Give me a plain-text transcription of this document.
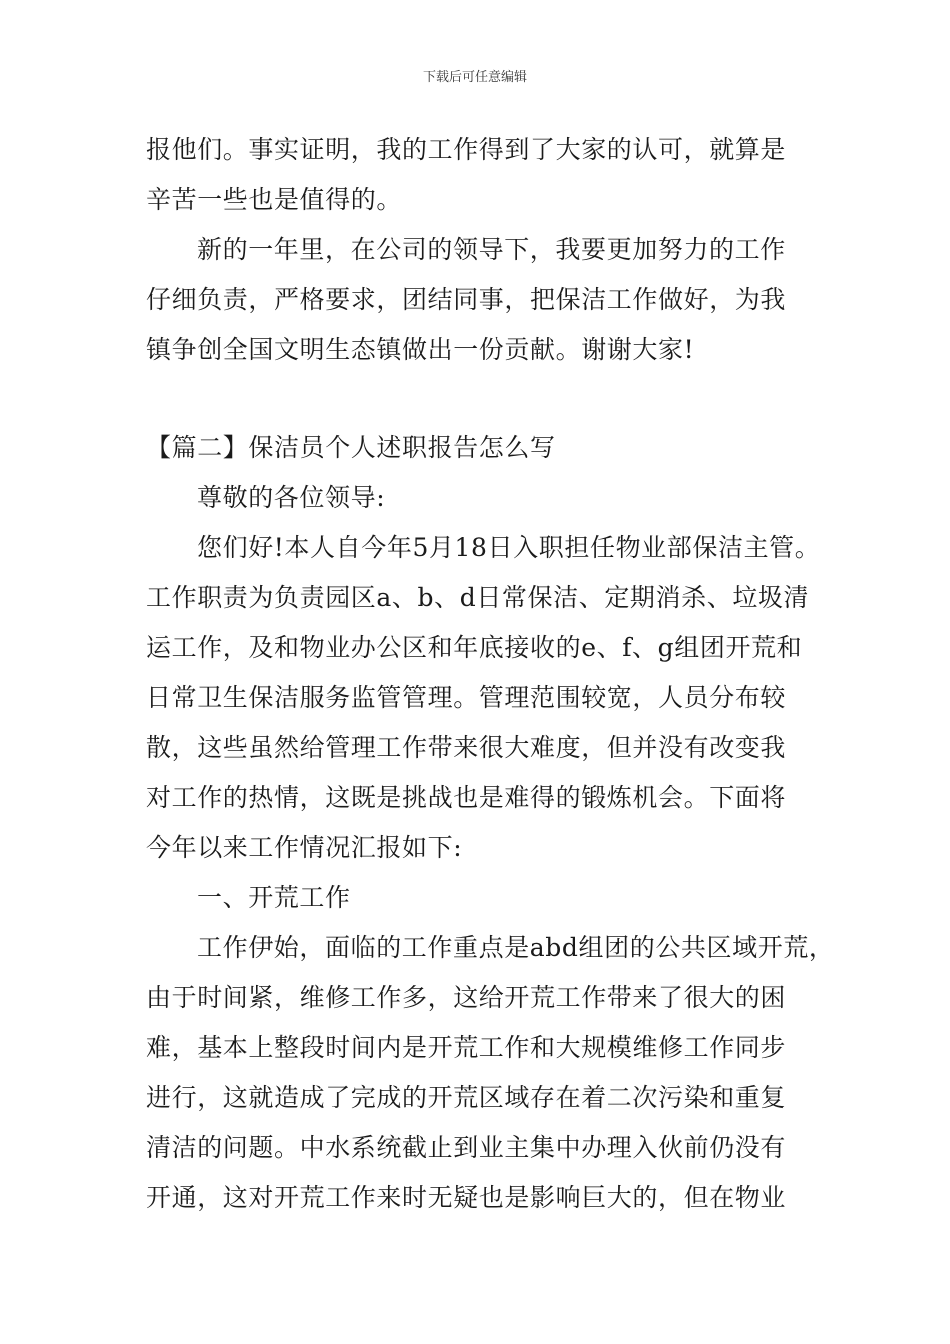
下载后可任意编辑
报他们。事实证明，我的工作得到了大家的认可，就算是
辛苦一些也是值得的。
新的一年里，在公司的领导下，我要更加努力的工作
仔细负责，严格要求，团结同事，把保洁工作做好，为我
镇争创全国文明生态镇做出一份贡献。谢谢大家!
【篇二】保洁员个人述职报告怎么写
尊敬的各位领导:
您们好!本人自今年5月18日入职担任物业部保洁主管。
工作职责为负责园区a、b、d日常保洁、定期消杀、垃圾清
运工作，及和物业办公区和年底接收的e、f、g组团开荒和
日常卫生保洁服务监管管理。管理范围较宽，人员分布较
散，这些虽然给管理工作带来很大难度，但并没有改变我
对工作的热情，这既是挑战也是难得的锻炼机会。下面将
今年以来工作情况汇报如下:
一、开荒工作
工作伊始，面临的工作重点是abd组团的公共区域开荒，
由于时间紧，维修工作多，这给开荒工作带来了很大的困
难，基本上整段时间内是开荒工作和大规模维修工作同步
进行，这就造成了完成的开荒区域存在着二次污染和重复
清洁的问题。中水系统截止到业主集中办理入伙前仍没有
开通，这对开荒工作来时无疑也是影响巨大的，但在物业
